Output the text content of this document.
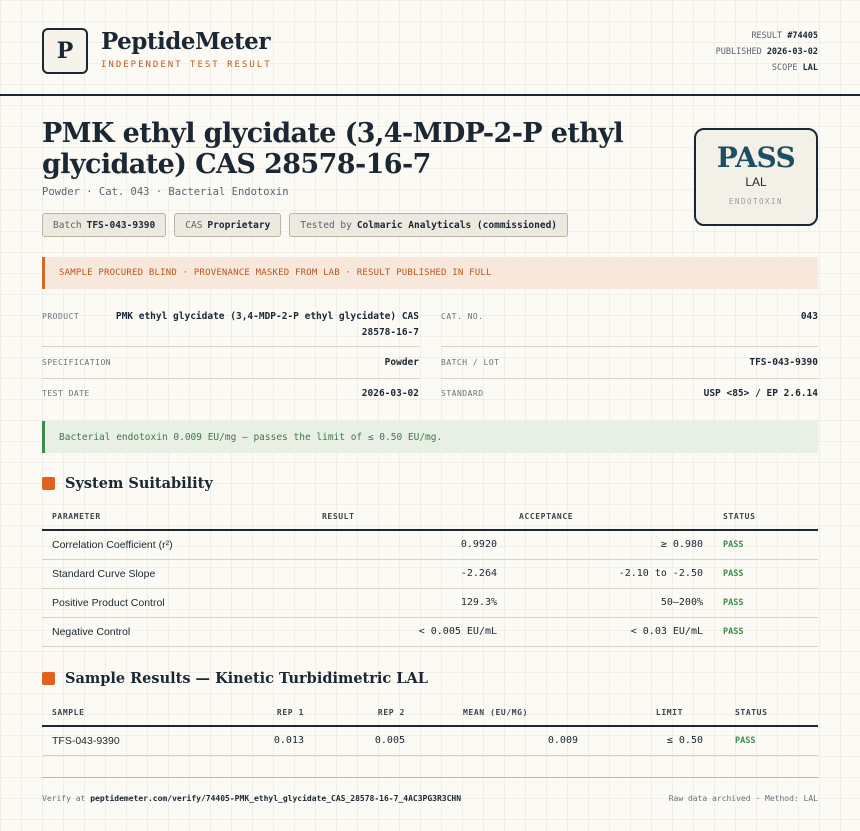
P	PeptideMeter
INDEPENDENT TEST RESULT
RESULT #74405
PUBLISHED 2026-03-02
SCOPE LAL
PMK ethyl glycidate (3,4-MDP-2-P ethyl glycidate) CAS 28578-16-7
Powder · Cat. 043 · Bacterial Endotoxin
Batch TFS-043-9390	CAS Proprietary	Tested by Colmaric Analyticals (commissioned)
PASS
LAL
ENDOTOXIN
SAMPLE PROCURED BLIND · PROVENANCE MASKED FROM LAB · RESULT PUBLISHED IN FULL
PRODUCT	PMK ethyl glycidate (3,4-MDP-2-P ethyl glycidate) CAS 28578-16-7
CAT. NO.	043
SPECIFICATION	Powder	BATCH / LOT	TFS-043-9390
TEST DATE	2026-03-02	STANDARD	USP <85> / EP 2.6.14
Bacterial endotoxin 0.009 EU/mg — passes the limit of ≤ 0.50 EU/mg.
System Suitability
PARAMETER	RESULT	ACCEPTANCE	STATUS
Correlation Coefficient (r²)	0.9920	≥ 0.980	PASS
Standard Curve Slope	-2.264	-2.10 to -2.50	PASS
Positive Product Control	129.3%	50–200%	PASS
Negative Control	< 0.005 EU/mL	< 0.03 EU/mL	PASS
Sample Results — Kinetic Turbidimetric LAL
SAMPLE	REP 1	REP 2	MEAN (EU/MG)	LIMIT	STATUS
TFS-043-9390	0.013	0.005	0.009	≤ 0.50	PASS
Verify at peptidemeter.com/verify/74405-PMK_ethyl_glycidate_CAS_28578-16-7_4AC3PG3R3CHN	Raw data archived · Method: LAL
